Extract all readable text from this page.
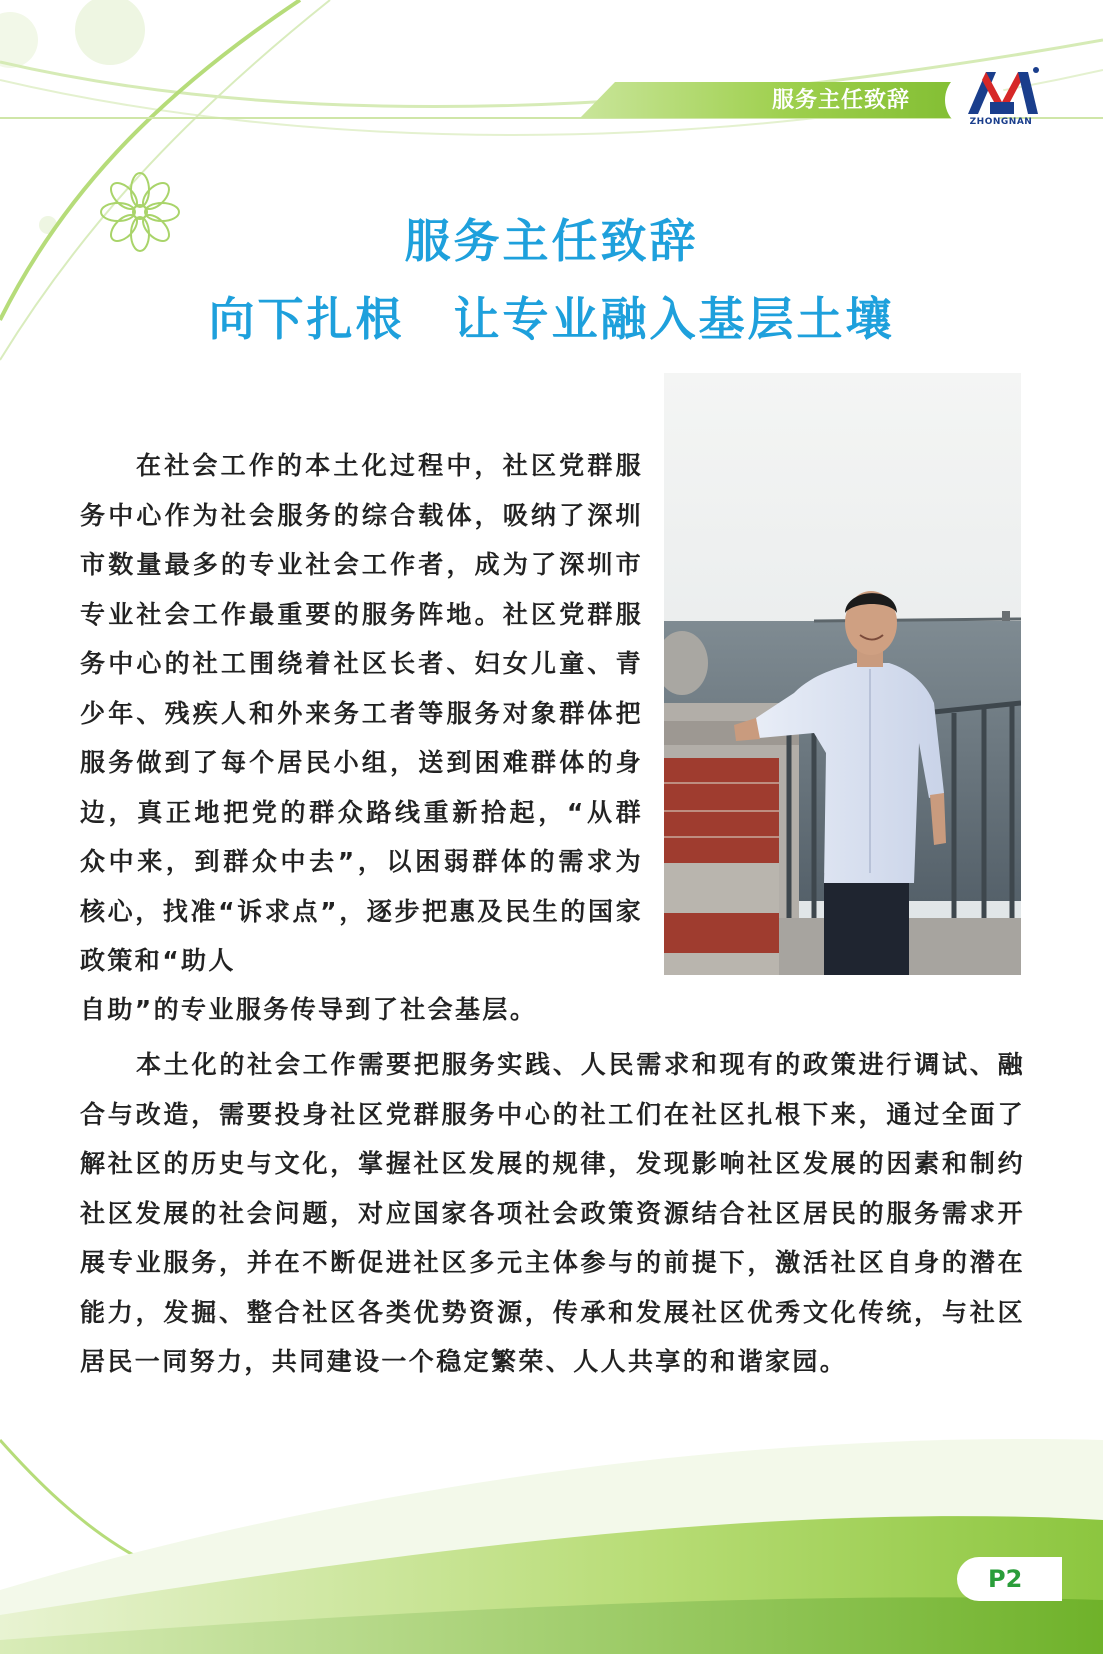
服务主任致辞
ZHONGNAN
服务主任致辞
向下扎根　让专业融入基层土壤

在社会工作的本土化过程中，社区党群服务中心作为社会服务的综合载体，吸纳了深圳市数量最多的专业社会工作者，成为了深圳市专业社会工作最重要的服务阵地。社区党群服务中心的社工围绕着社区长者、妇女儿童、青少年、残疾人和外来务工者等服务对象群体把服务做到了每个居民小组，送到困难群体的身边，真正地把党的群众路线重新拾起，“从群众中来，到群众中去”，以困弱群体的需求为核心，找准“诉求点”，逐步把惠及民生的国家政策和“助人

自助”的专业服务传导到了社会基层。

本土化的社会工作需要把服务实践、人民需求和现有的政策进行调试、融合与改造，需要投身社区党群服务中心的社工们在社区扎根下来，通过全面了解社区的历史与文化，掌握社区发展的规律，发现影响社区发展的因素和制约社区发展的社会问题，对应国家各项社会政策资源结合社区居民的服务需求开展专业服务，并在不断促进社区多元主体参与的前提下，激活社区自身的潜在能力，发掘、整合社区各类优势资源，传承和发展社区优秀文化传统，与社区居民一同努力，共同建设一个稳定繁荣、人人共享的和谐家园。

P2
